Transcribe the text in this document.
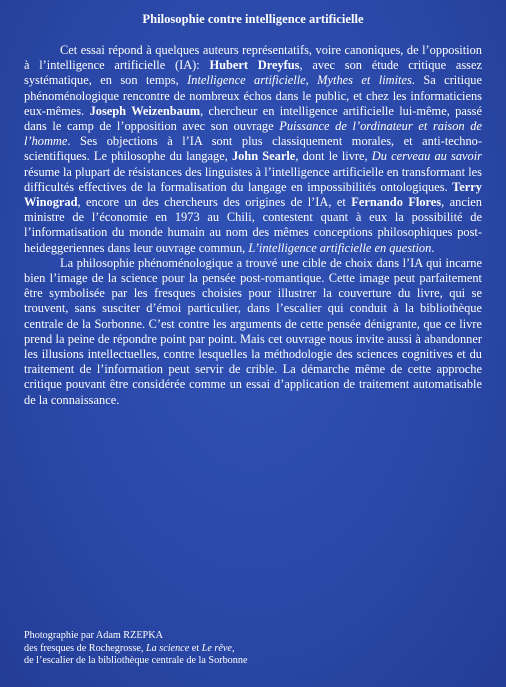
Philosophie contre intelligence artificielle

Cet essai répond à quelques auteurs représentatifs, voire canoniques, de l’opposition à l’intelligence artificielle (IA): Hubert Dreyfus, avec son étude critique assez systématique, en son temps, Intelligence artificielle, Mythes et limites. Sa critique phénoménologique rencontre de nombreux échos dans le public, et chez les informaticiens eux-mêmes. Joseph Weizenbaum, chercheur en intelligence artificielle lui-même, passé dans le camp de l’opposition avec son ouvrage Puissance de l’ordinateur et raison de l’homme. Ses objections à l’IA sont plus classiquement morales, et anti-techno-scientifiques. Le philosophe du langage, John Searle, dont le livre, Du cerveau au savoir résume la plupart de résistances des linguistes à l’intelligence artificielle en transformant les difficultés effectives de la formalisation du langage en impossibilités ontologiques. Terry Winograd, encore un des chercheurs des origines de l’IA, et Fernando Flores, ancien ministre de l’économie en 1973 au Chili, contestent quant à eux la possibilité de l’informatisation du monde humain au nom des mêmes conceptions philosophiques post-heideggeriennes dans leur ouvrage commun, L’intelligence artificielle en question.

La philosophie phénoménologique a trouvé une cible de choix dans l’IA qui incarne bien l’image de la science pour la pensée post-romantique. Cette image peut parfaitement être symbolisée par les fresques choisies pour illustrer la couverture du livre, qui se trouvent, sans susciter d’émoi particulier, dans l’escalier qui conduit à la bibliothèque centrale de la Sorbonne. C’est contre les arguments de cette pensée dénigrante, que ce livre prend la peine de répondre point par point. Mais cet ouvrage nous invite aussi à abandonner les illusions intellectuelles, contre lesquelles la méthodologie des sciences cognitives et du traitement de l’information peut servir de crible. La démarche même de cette approche critique pouvant être considérée comme un essai d’application de traitement automatisable de la connaissance.

Photographie par Adam RZEPKA
des fresques de Rochegrosse, La science et Le rêve,
de l’escalier de la bibliothèque centrale de la Sorbonne
